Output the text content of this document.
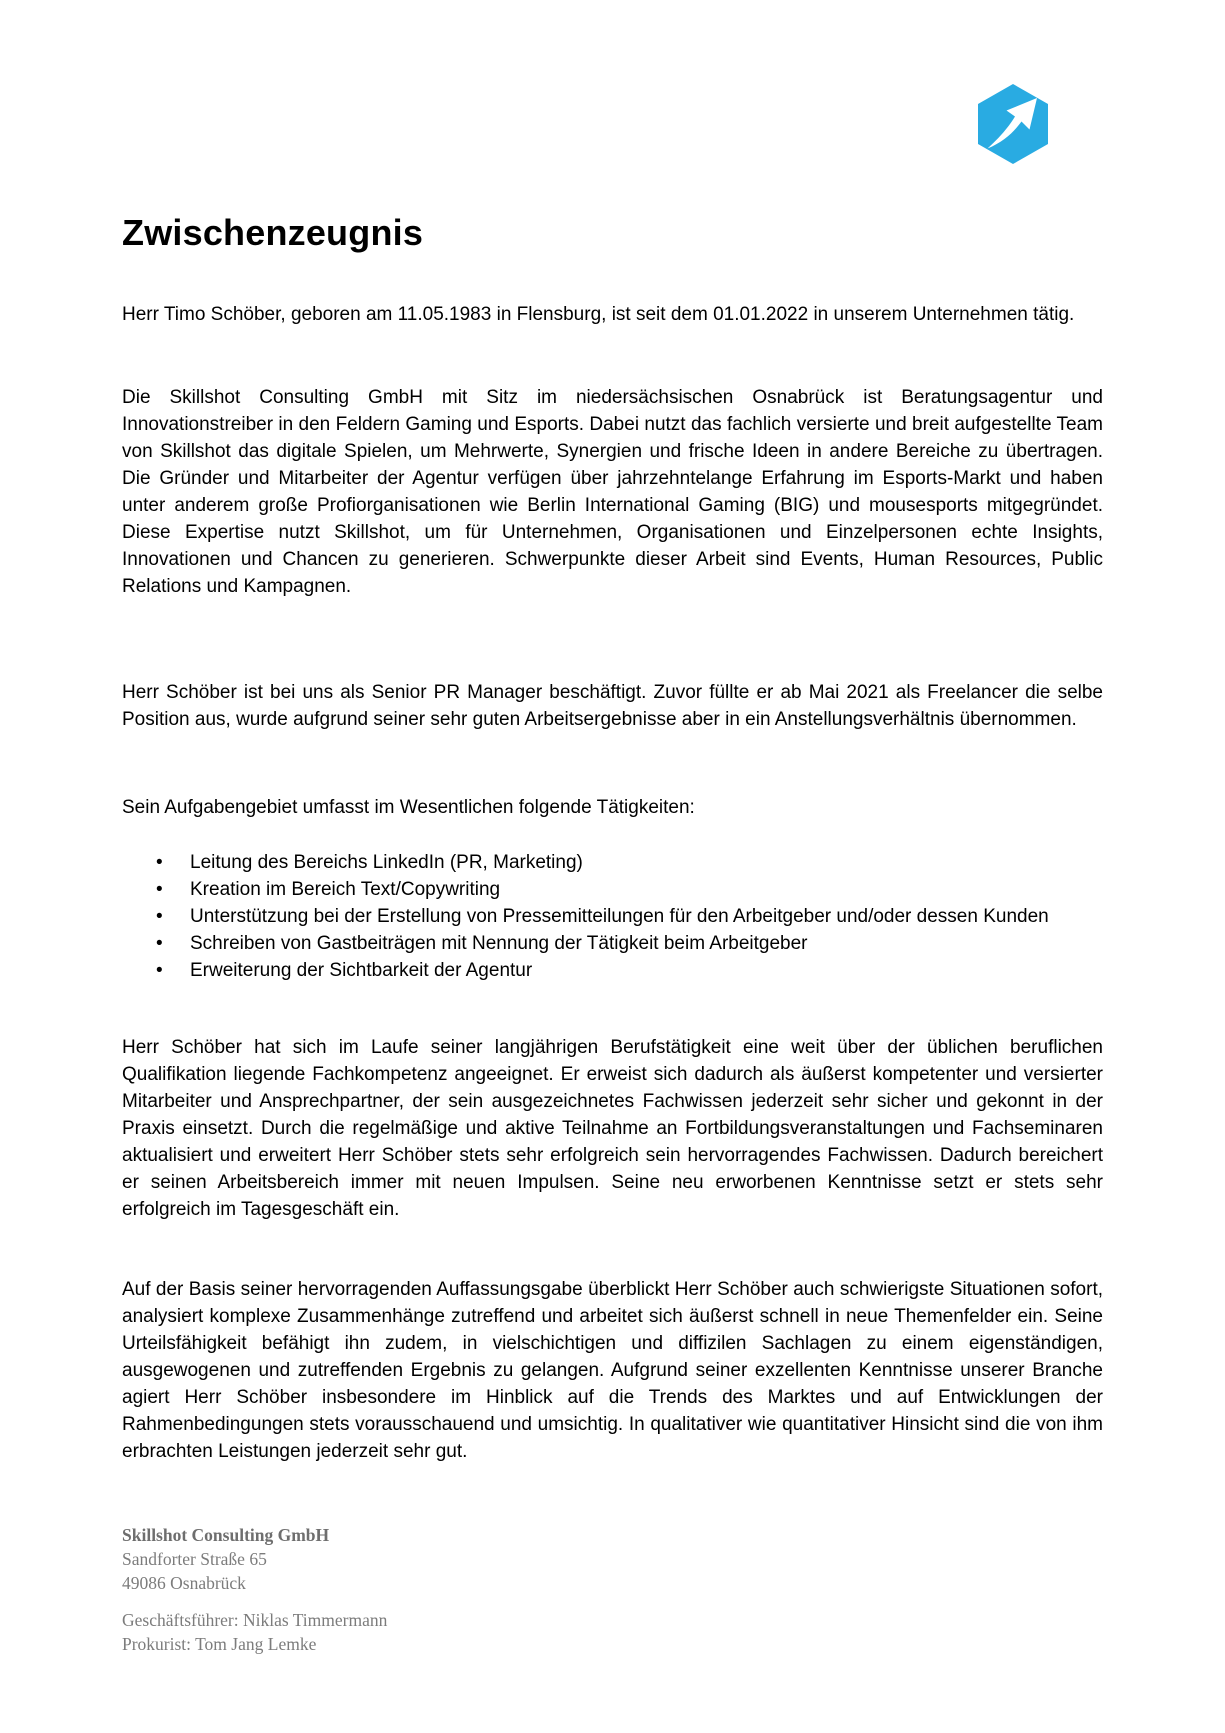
Zwischenzeugnis

Herr Timo Schöber, geboren am 11.05.1983 in Flensburg, ist seit dem 01.01.2022 in unserem Unternehmen tätig.

Die Skillshot Consulting GmbH mit Sitz im niedersächsischen Osnabrück ist Beratungsagentur und Innovationstreiber in den Feldern Gaming und Esports. Dabei nutzt das fachlich versierte und breit aufgestellte Team von Skillshot das digitale Spielen, um Mehrwerte, Synergien und frische Ideen in andere Bereiche zu übertragen. Die Gründer und Mitarbeiter der Agentur verfügen über jahrzehntelange Erfahrung im Esports-Markt und haben unter anderem große Profiorganisationen wie Berlin International Gaming (BIG) und mousesports mitgegründet. Diese Expertise nutzt Skillshot, um für Unternehmen, Organisationen und Einzelpersonen echte Insights, Innovationen und Chancen zu generieren. Schwerpunkte dieser Arbeit sind Events, Human Resources, Public Relations und Kampagnen.

Herr Schöber ist bei uns als Senior PR Manager beschäftigt. Zuvor füllte er ab Mai 2021 als Freelancer die selbe Position aus, wurde aufgrund seiner sehr guten Arbeitsergebnisse aber in ein Anstellungsverhältnis übernommen.

Sein Aufgabengebiet umfasst im Wesentlichen folgende Tätigkeiten:

• Leitung des Bereichs LinkedIn (PR, Marketing)
• Kreation im Bereich Text/Copywriting
• Unterstützung bei der Erstellung von Pressemitteilungen für den Arbeitgeber und/oder dessen Kunden
• Schreiben von Gastbeiträgen mit Nennung der Tätigkeit beim Arbeitgeber
• Erweiterung der Sichtbarkeit der Agentur

Herr Schöber hat sich im Laufe seiner langjährigen Berufstätigkeit eine weit über der üblichen beruflichen Qualifikation liegende Fachkompetenz angeeignet. Er erweist sich dadurch als äußerst kompetenter und versierter Mitarbeiter und Ansprechpartner, der sein ausgezeichnetes Fachwissen jederzeit sehr sicher und gekonnt in der Praxis einsetzt. Durch die regelmäßige und aktive Teilnahme an Fortbildungsveranstaltungen und Fachseminaren aktualisiert und erweitert Herr Schöber stets sehr erfolgreich sein hervorragendes Fachwissen. Dadurch bereichert er seinen Arbeitsbereich immer mit neuen Impulsen. Seine neu erworbenen Kenntnisse setzt er stets sehr erfolgreich im Tagesgeschäft ein.

Auf der Basis seiner hervorragenden Auffassungsgabe überblickt Herr Schöber auch schwierigste Situationen sofort, analysiert komplexe Zusammenhänge zutreffend und arbeitet sich äußerst schnell in neue Themenfelder ein. Seine Urteilsfähigkeit befähigt ihn zudem, in vielschichtigen und diffizilen Sachlagen zu einem eigenständigen, ausgewogenen und zutreffenden Ergebnis zu gelangen. Aufgrund seiner exzellenten Kenntnisse unserer Branche agiert Herr Schöber insbesondere im Hinblick auf die Trends des Marktes und auf Entwicklungen der Rahmenbedingungen stets vorausschauend und umsichtig. In qualitativer wie quantitativer Hinsicht sind die von ihm erbrachten Leistungen jederzeit sehr gut.

Skillshot Consulting GmbH
Sandforter Straße 65
49086 Osnabrück
Geschäftsführer: Niklas Timmermann
Prokurist: Tom Jang Lemke
